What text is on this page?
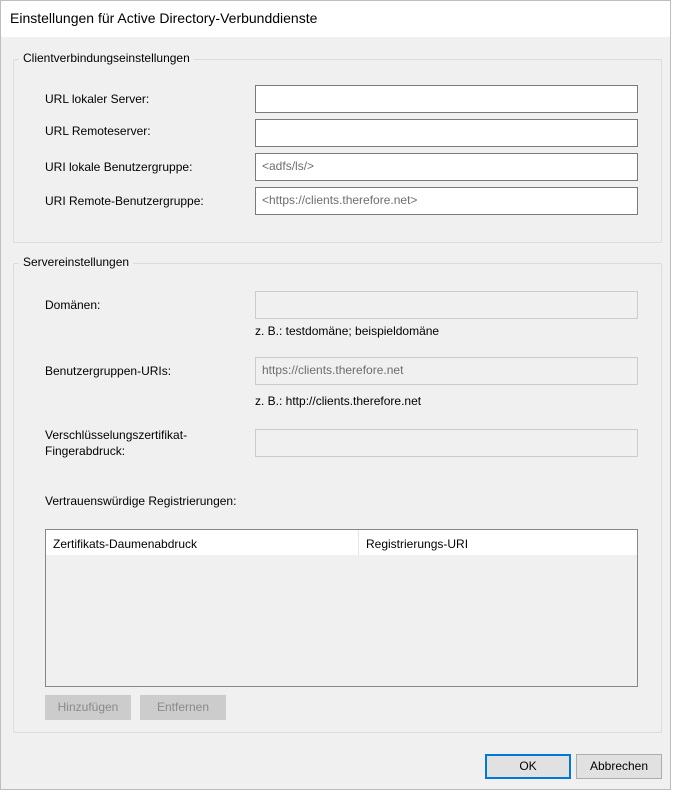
Einstellungen für Active Directory-Verbunddienste
Clientverbindungseinstellungen
URL lokaler Server:
URL Remoteserver:
URI lokale Benutzergruppe:	<adfs/ls/>
URI Remote-Benutzergruppe:	<https://clients.therefore.net>
Servereinstellungen
Domänen:
z. B.: testdomäne; beispieldomäne
Benutzergruppen-URIs:	https://clients.therefore.net
z. B.: http://clients.therefore.net
Verschlüsselungszertifikat-
Fingerabdruck:
Vertrauenswürdige Registrierungen:
Zertifikats-Daumenabdruck	Registrierungs-URI
Hinzufügen	Entfernen
OK	Abbrechen
